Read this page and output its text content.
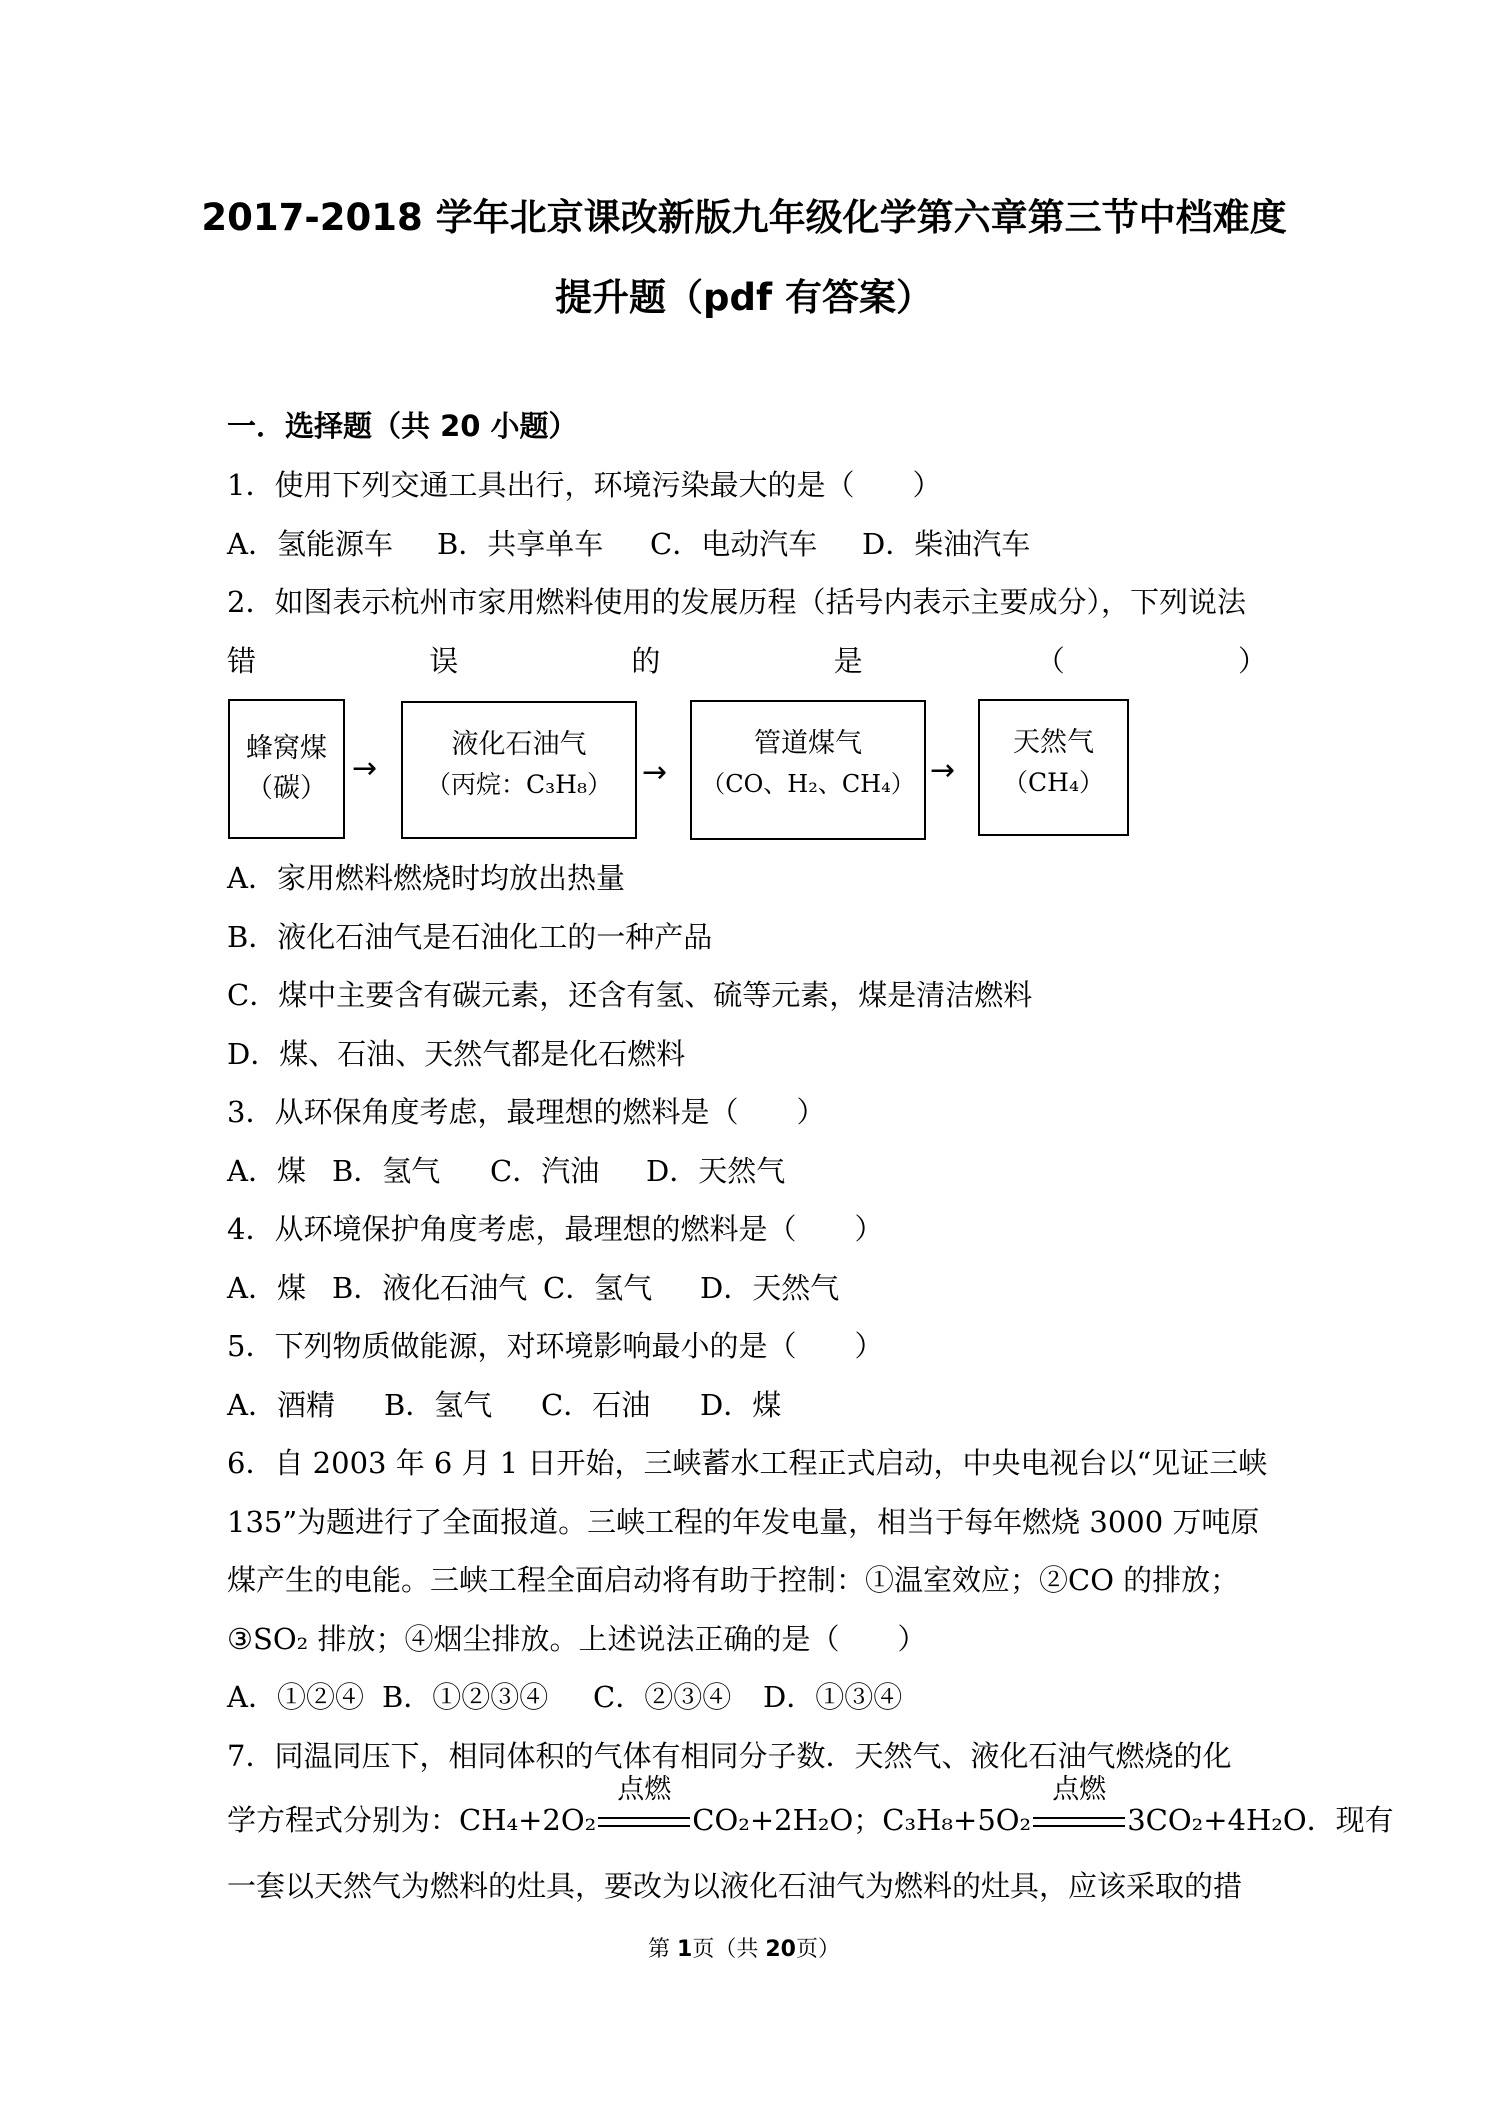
2017-2018 学年北京课改新版九年级化学第六章第三节中档难度
提升题（pdf 有答案）
一．选择题（共 20 小题）
1．使用下列交通工具出行，环境污染最大的是（　　）
A．氢能源车 B．共享单车 C．电动汽车 D．柴油汽车
2．如图表示杭州市家用燃料使用的发展历程（括号内表示主要成分），下列说法
错	误	的	是	（	）
蜂窝煤
（碳）
→
液化石油气
（丙烷：C₃H₈）	→
管道煤气
（CO、H₂、CH₄） →
天然气
（CH₄）
A．家用燃料燃烧时均放出热量
B．液化石油气是石油化工的一种产品
C．煤中主要含有碳元素，还含有氢、硫等元素，煤是清洁燃料
D．煤、石油、天然气都是化石燃料
3．从环保角度考虑，最理想的燃料是（　　）
A．煤 B．氢气 C．汽油 D．天然气
4．从环境保护角度考虑，最理想的燃料是（　　）
A．煤 B．液化石油气 C．氢气 D．天然气
5．下列物质做能源，对环境影响最小的是（　　）
A．酒精 B．氢气 C．石油 D．煤
6．自 2003 年 6 月 1 日开始，三峡蓄水工程正式启动，中央电视台以“见证三峡
135”为题进行了全面报道。三峡工程的年发电量，相当于每年燃烧 3000 万吨原
煤产生的电能。三峡工程全面启动将有助于控制：①温室效应；②CO 的排放；
③SO₂ 排放；④烟尘排放。上述说法正确的是（　　）
A．①②④ B．①②③④ C．②③④ D．①③④
7．同温同压下，相同体积的气体有相同分子数．天然气、液化石油气燃烧的化
学方程式分别为：CH₄+2O₂
点燃
CO₂+2H₂O；C₃H₈+5O₂
点燃
3CO₂+4H₂O．现有
一套以天然气为燃料的灶具，要改为以液化石油气为燃料的灶具，应该采取的措
第 1页（共 20页）
